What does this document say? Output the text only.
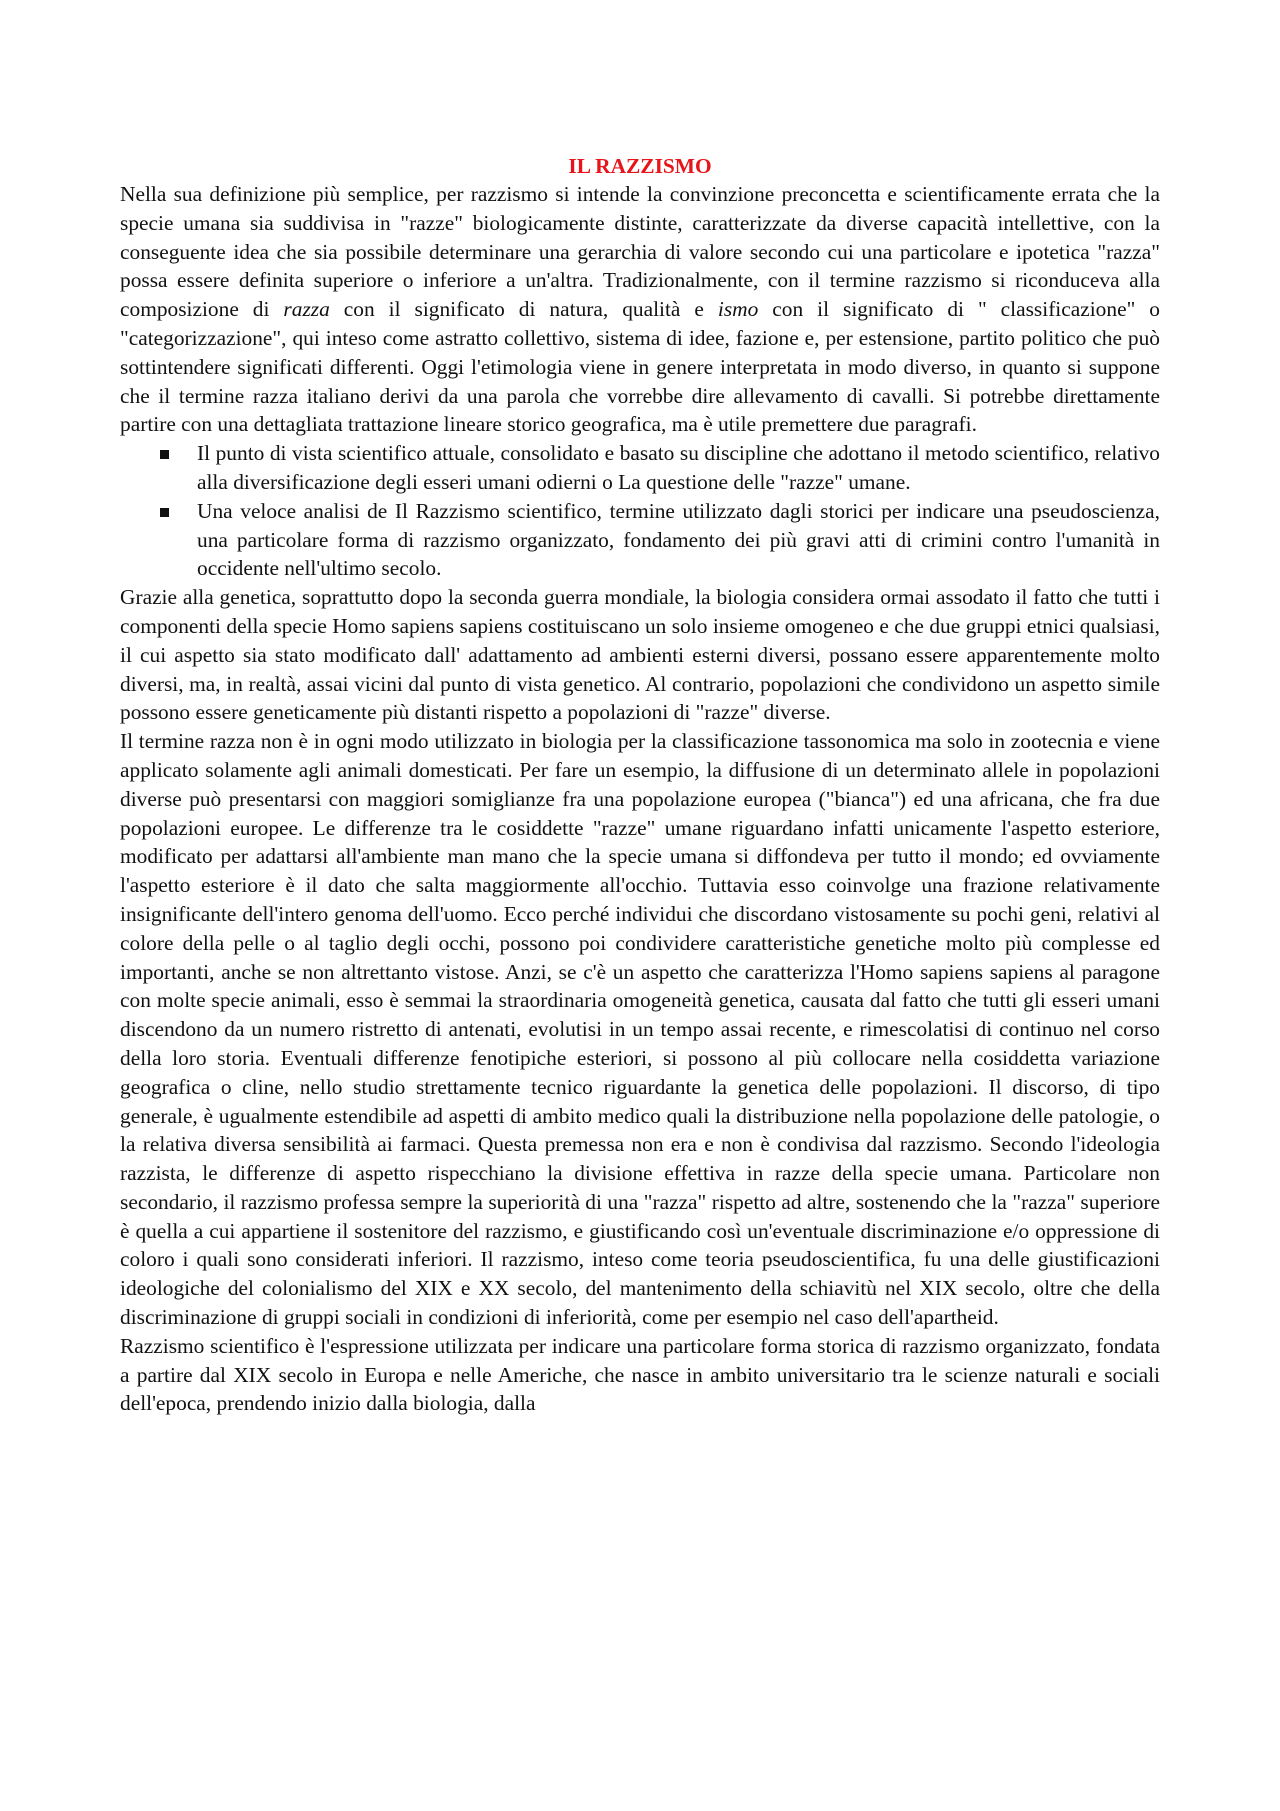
IL RAZZISMO

Nella sua definizione più semplice, per razzismo si intende la convinzione preconcetta e scientificamente errata che la specie umana sia suddivisa in "razze" biologicamente distinte, caratterizzate da diverse capacità intellettive, con la conseguente idea che sia possibile determinare una gerarchia di valore secondo cui una particolare e ipotetica "razza" possa essere definita superiore o inferiore a un'altra. Tradizionalmente, con il termine razzismo si riconduceva alla composizione di razza con il significato di natura, qualità e ismo con il significato di " classificazione" o "categorizzazione", qui inteso come astratto collettivo, sistema di idee, fazione e, per estensione, partito politico che può sottintendere significati differenti. Oggi l'etimologia viene in genere interpretata in modo diverso, in quanto si suppone che il termine razza italiano derivi da una parola che vorrebbe dire allevamento di cavalli. Si potrebbe direttamente partire con una dettagliata trattazione lineare storico geografica, ma è utile premettere due paragrafi.

Il punto di vista scientifico attuale, consolidato e basato su discipline che adottano il metodo scientifico, relativo alla diversificazione degli esseri umani odierni o La questione delle "razze" umane.
Una veloce analisi de Il Razzismo scientifico, termine utilizzato dagli storici per indicare una pseudoscienza, una particolare forma di razzismo organizzato, fondamento dei più gravi atti di crimini contro l'umanità in occidente nell'ultimo secolo.

Grazie alla genetica, soprattutto dopo la seconda guerra mondiale, la biologia considera ormai assodato il fatto che tutti i componenti della specie Homo sapiens sapiens costituiscano un solo insieme omogeneo e che due gruppi etnici qualsiasi, il cui aspetto sia stato modificato dall' adattamento ad ambienti esterni diversi, possano essere apparentemente molto diversi, ma, in realtà, assai vicini dal punto di vista genetico. Al contrario, popolazioni che condividono un aspetto simile possono essere geneticamente più distanti rispetto a popolazioni di "razze" diverse.

Il termine razza non è in ogni modo utilizzato in biologia per la classificazione tassonomica ma solo in zootecnia e viene applicato solamente agli animali domesticati. Per fare un esempio, la diffusione di un determinato allele in popolazioni diverse può presentarsi con maggiori somiglianze fra una popolazione europea ("bianca") ed una africana, che fra due popolazioni europee. Le differenze tra le cosiddette "razze" umane riguardano infatti unicamente l'aspetto esteriore, modificato per adattarsi all'ambiente man mano che la specie umana si diffondeva per tutto il mondo; ed ovviamente l'aspetto esteriore è il dato che salta maggiormente all'occhio. Tuttavia esso coinvolge una frazione relativamente insignificante dell'intero genoma dell'uomo. Ecco perché individui che discordano vistosamente su pochi geni, relativi al colore della pelle o al taglio degli occhi, possono poi condividere caratteristiche genetiche molto più complesse ed importanti, anche se non altrettanto vistose. Anzi, se c'è un aspetto che caratterizza l'Homo sapiens sapiens al paragone con molte specie animali, esso è semmai la straordinaria omogeneità genetica, causata dal fatto che tutti gli esseri umani discendono da un numero ristretto di antenati, evolutisi in un tempo assai recente, e rimescolatisi di continuo nel corso della loro storia. Eventuali differenze fenotipiche esteriori, si possono al più collocare nella cosiddetta variazione geografica o cline, nello studio strettamente tecnico riguardante la genetica delle popolazioni. Il discorso, di tipo generale, è ugualmente estendibile ad aspetti di ambito medico quali la distribuzione nella popolazione delle patologie, o la relativa diversa sensibilità ai farmaci. Questa premessa non era e non è condivisa dal razzismo. Secondo l'ideologia razzista, le differenze di aspetto rispecchiano la divisione effettiva in razze della specie umana. Particolare non secondario, il razzismo professa sempre la superiorità di una "razza" rispetto ad altre, sostenendo che la "razza" superiore è quella a cui appartiene il sostenitore del razzismo, e giustificando così un'eventuale discriminazione e/o oppressione di coloro i quali sono considerati inferiori. Il razzismo, inteso come teoria pseudoscientifica, fu una delle giustificazioni ideologiche del colonialismo del XIX e XX secolo, del mantenimento della schiavitù nel XIX secolo, oltre che della discriminazione di gruppi sociali in condizioni di inferiorità, come per esempio nel caso dell'apartheid.

Razzismo scientifico è l'espressione utilizzata per indicare una particolare forma storica di razzismo organizzato, fondata a partire dal XIX secolo in Europa e nelle Americhe, che nasce in ambito universitario tra le scienze naturali e sociali dell'epoca, prendendo inizio dalla biologia, dalla
